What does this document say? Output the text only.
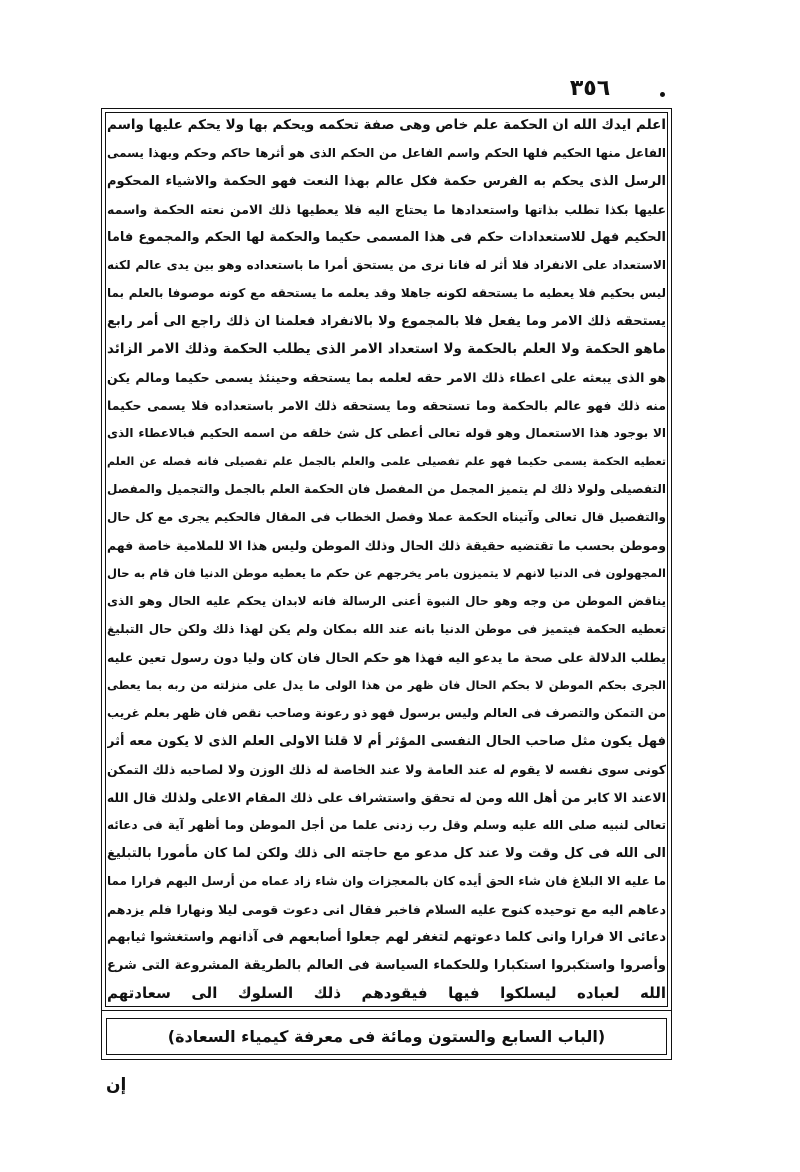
٣٥٦
اعلم ايدك الله ان الحكمة علم خاص وهى صفة تحكمه ويحكم بها ولا يحكم عليها واسم
الفاعل منها الحكيم فلها الحكم واسم الفاعل من الحكم الذى هو أثرها حاكم وحكم وبهذا يسمى
الرسل الذى يحكم به الفرس حكمة فكل عالم بهذا النعت فهو الحكمة والاشياء المحكوم
عليها بكذا تطلب بذاتها واستعدادها ما يحتاج اليه فلا يعطيها ذلك الامن نعته الحكمة واسمه
الحكيم فهل للاستعدادات حكم فى هذا المسمى حكيما والحكمة لها الحكم والمجموع فاما
الاستعداد على الانفراد فلا أثر له فانا نرى من يستحق أمرا ما باستعداده وهو بين يدى عالم لكنه
ليس بحكيم فلا يعطيه ما يستحقه لكونه جاهلا وقد يعلمه ما يستحقه مع كونه موصوفا بالعلم بما
يستحقه ذلك الامر وما يفعل فلا بالمجموع ولا بالانفراد فعلمنا ان ذلك راجع الى أمر رابع
ماهو الحكمة ولا العلم بالحكمة ولا استعداد الامر الذى يطلب الحكمة وذلك الامر الزائد
هو الذى يبعثه على اعطاء ذلك الامر حقه لعلمه بما يستحقه وحينئذ يسمى حكيما ومالم يكن
منه ذلك فهو عالم بالحكمة وما تستحقه وما يستحقه ذلك الامر باستعداده فلا يسمى حكيما
الا بوجود هذا الاستعمال وهو قوله تعالى أعطى كل شئ خلقه من اسمه الحكيم فبالاعطاء الذى
تعطيه الحكمة يسمى حكيما فهو علم تفصيلى علمى والعلم بالجمل علم تفصيلى فانه فصله عن العلم
التفصيلى ولولا ذلك لم يتميز المجمل من المفصل فان الحكمة العلم بالجمل والتجميل والمفصل
والتفصيل قال تعالى وآتيناه الحكمة عملا وفصل الخطاب فى المقال فالحكيم يجرى مع كل حال
وموطن بحسب ما تقتضيه حقيقة ذلك الحال وذلك الموطن وليس هذا الا للملامية خاصة فهم
المجهولون فى الدنيا لانهم لا يتميزون بامر يخرجهم عن حكم ما يعطيه موطن الدنيا فان قام به حال
يناقض الموطن من وجه وهو حال النبوة أعنى الرسالة فانه لابدان يحكم عليه الحال وهو الذى
تعطيه الحكمة فيتميز فى موطن الدنيا بانه عند الله بمكان ولم يكن لهذا ذلك ولكن حال التبليغ
يطلب الدلالة على صحة ما يدعو اليه فهذا هو حكم الحال فان كان وليا دون رسول تعين عليه
الجرى بحكم الموطن لا بحكم الحال فان ظهر من هذا الولى ما يدل على منزلته من ربه بما يعطى
من التمكن والتصرف فى العالم وليس برسول فهو ذو رعونة وصاحب نقص فان ظهر بعلم غريب
فهل يكون مثل صاحب الحال النفسى المؤثر أم لا قلنا الاولى العلم الذى لا يكون معه أثر
كونى سوى نفسه لا يقوم له عند العامة ولا عند الخاصة له ذلك الوزن ولا لصاحبه ذلك التمكن
الاعند الا كابر من أهل الله ومن له تحقق واستشراف على ذلك المقام الاعلى ولذلك قال الله
تعالى لنبيه صلى الله عليه وسلم وقل رب زدنى علما من أجل الموطن وما أظهر آية فى دعائه
الى الله فى كل وقت ولا عند كل مدعو مع حاجته الى ذلك ولكن لما كان مأمورا بالتبليغ
ما عليه الا البلاغ فان شاء الحق أيده كان بالمعجزات وان شاء زاد عماه من أرسل اليهم فرارا مما
دعاهم اليه مع توحيده كنوح عليه السلام فاخبر فقال انى دعوت قومى ليلا ونهارا فلم يزدهم
دعائى الا فرارا وانى كلما دعوتهم لتغفر لهم جعلوا أصابعهم فى آذانهم واستغشوا ثيابهم
وأصروا واستكبروا استكبارا وللحكماء السياسة فى العالم بالطريقة المشروعة التى شرع
الله لعباده ليسلكوا فيها فيقودهم ذلك السلوك الى سعادتهم
(الباب السابع والستون ومائة فى معرفة كيمياء السعادة)
إن
